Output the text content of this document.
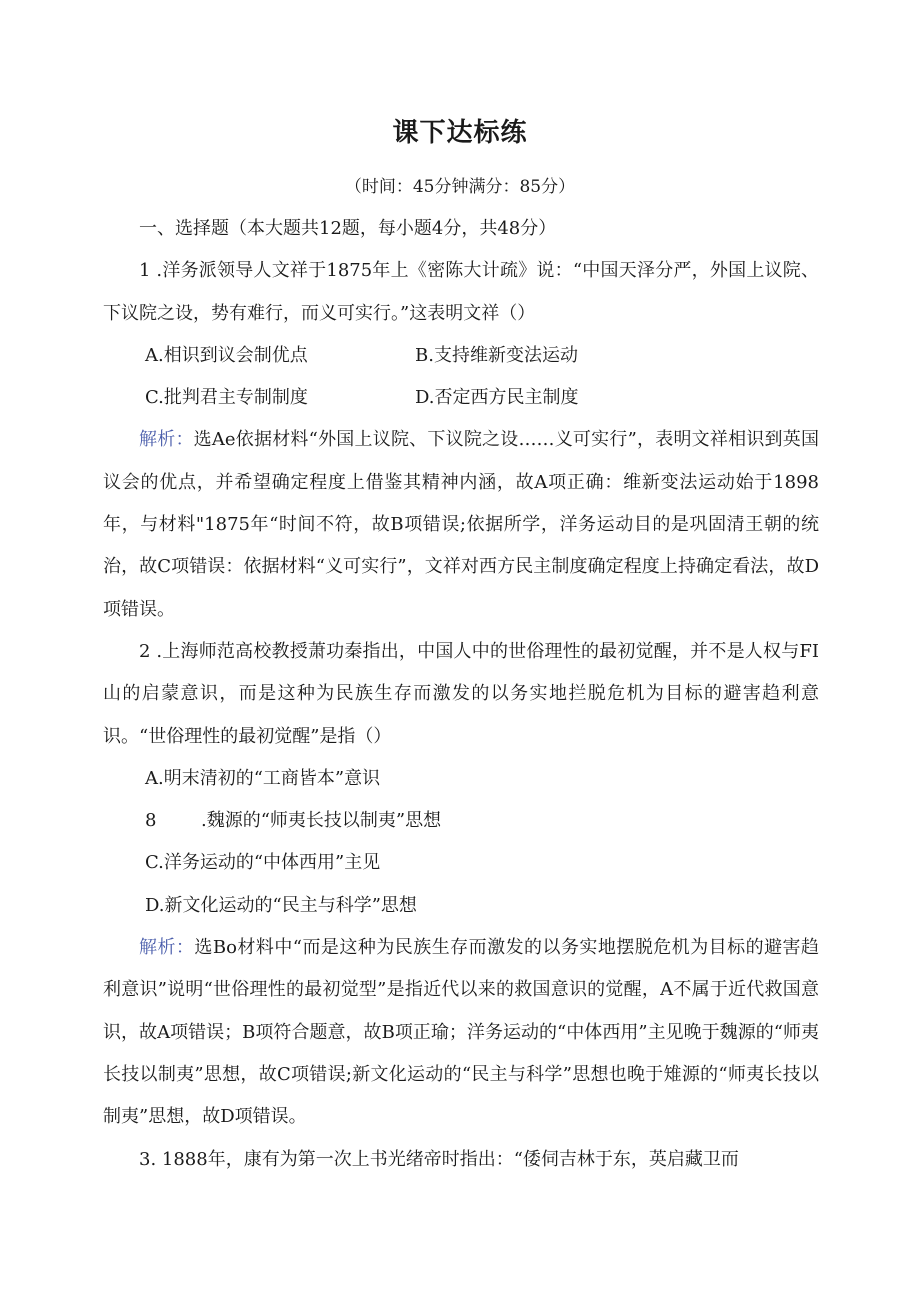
课下达标练
（时间：45分钟满分：85分）

一、选择题（本大题共12题，每小题4分，共48分）

1 .洋务派领导人文祥于1875年上《密陈大计疏》说：“中国天泽分严，外国上议院、下议院之设，势有难行，而义可实行。”这表明文祥（）

A.相识到议会制优点	B.支持维新变法运动
C.批判君主专制制度	D.否定西方民主制度

解析：选Ae依据材料“外国上议院、下议院之设……义可实行”，表明文祥相识到英国议会的优点，并希望确定程度上借鉴其精神内涵，故A项正确：维新变法运动始于1898年，与材料"1875年“时间不符，故B项错误;依据所学，洋务运动目的是巩固清王朝的统治，故C项错误：依据材料“义可实行”，文祥对西方民主制度确定程度上持确定看法，故D项错误。

2 .上海师范高校教授萧功秦指出，中国人中的世俗理性的最初觉醒，并不是人权与FI山的启蒙意识，而是这种为民族生存而激发的以务实地拦脱危机为目标的避害趋利意识。“世俗理性的最初觉醒”是指（）

A.明末清初的“工商皆本”意识

8 .魏源的“师夷长技以制夷”思想

C.洋务运动的“中体西用”主见

D.新文化运动的“民主与科学”思想

解析：选Bo材料中“而是这种为民族生存而激发的以务实地摆脱危机为目标的避害趋利意识”说明“世俗理性的最初觉型”是指近代以来的救国意识的觉醒，A不属于近代救国意识，故A项错误；B项符合题意，故B项正瑜；洋务运动的“中体西用”主见晚于魏源的“师夷长技以制夷”思想，故C项错误;新文化运动的“民主与科学”思想也晚于雉源的“师夷长技以制夷”思想，故D项错误。

3. 1888年，康有为第一次上书光绪帝时指出：“倭伺吉林于东，英启藏卫而
